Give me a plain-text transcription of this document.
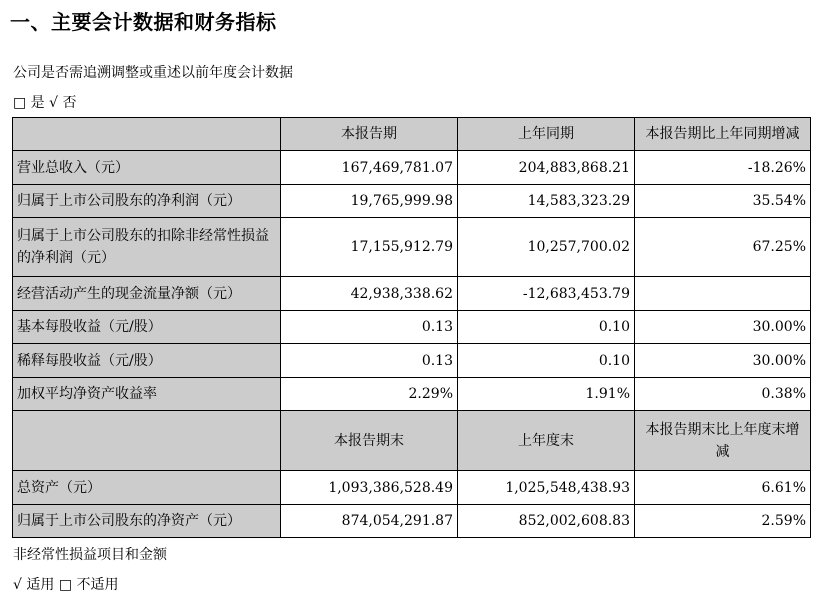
一、主要会计数据和财务指标
公司是否需追溯调整或重述以前年度会计数据
□ 是 √ 否
	本报告期	上年同期	本报告期比上年同期增减
营业总收入（元）	167,469,781.07	204,883,868.21	-18.26%
归属于上市公司股东的净利润（元）	19,765,999.98	14,583,323.29	35.54%
归属于上市公司股东的扣除非经常性损益的净利润（元）	17,155,912.79	10,257,700.02	67.25%
经营活动产生的现金流量净额（元）	42,938,338.62	-12,683,453.79	
基本每股收益（元/股）	0.13	0.10	30.00%
稀释每股收益（元/股）	0.13	0.10	30.00%
加权平均净资产收益率	2.29%	1.91%	0.38%
	本报告期末	上年度末	本报告期末比上年度末增减
总资产（元）	1,093,386,528.49	1,025,548,438.93	6.61%
归属于上市公司股东的净资产（元）	874,054,291.87	852,002,608.83	2.59%
非经常性损益项目和金额
√ 适用 □ 不适用
